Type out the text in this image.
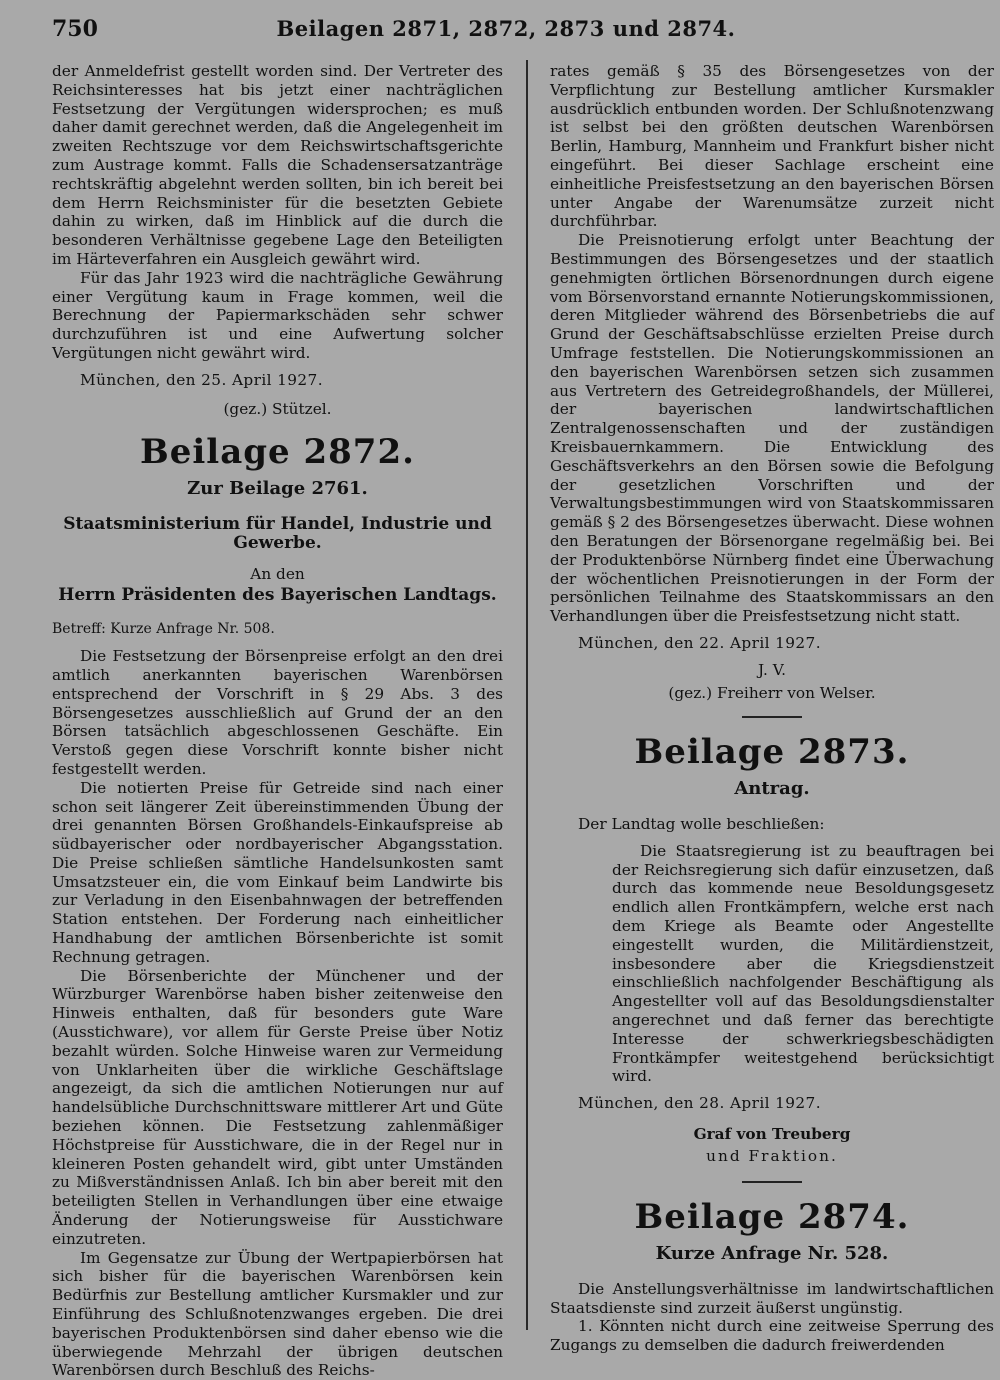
750	Beilagen 2871, 2872, 2873 und 2874.

der Anmeldefrist gestellt worden sind. Der Vertreter des Reichsinteresses hat bis jetzt einer nachträglichen Festsetzung der Vergütungen widersprochen; es muß daher damit gerechnet werden, daß die Angelegenheit im zweiten Rechtszuge vor dem Reichswirtschaftsgerichte zum Austrage kommt. Falls die Schadensersatzanträge rechtskräftig abgelehnt werden sollten, bin ich bereit bei dem Herrn Reichsminister für die besetzten Gebiete dahin zu wirken, daß im Hinblick auf die durch die besonderen Verhältnisse gegebene Lage den Beteiligten im Härteverfahren ein Ausgleich gewährt wird.

Für das Jahr 1923 wird die nachträgliche Gewährung einer Vergütung kaum in Frage kommen, weil die Berechnung der Papiermarkschäden sehr schwer durchzuführen ist und eine Aufwertung solcher Vergütungen nicht gewährt wird.

München, den 25. April 1927.

(gez.) Stützel.

Beilage 2872.
Zur Beilage 2761.
Staatsministerium für Handel, Industrie und Gewerbe.

An den

Herrn Präsidenten des Bayerischen Landtags.

Betreff: Kurze Anfrage Nr. 508.

Die Festsetzung der Börsenpreise erfolgt an den drei amtlich anerkannten bayerischen Warenbörsen entsprechend der Vorschrift in § 29 Abs. 3 des Börsengesetzes ausschließlich auf Grund der an den Börsen tatsächlich abgeschlossenen Geschäfte. Ein Verstoß gegen diese Vorschrift konnte bisher nicht festgestellt werden.

Die notierten Preise für Getreide sind nach einer schon seit längerer Zeit übereinstimmenden Übung der drei genannten Börsen Großhandels-Einkaufspreise ab südbayerischer oder nordbayerischer Abgangsstation. Die Preise schließen sämtliche Handelsunkosten samt Umsatzsteuer ein, die vom Einkauf beim Landwirte bis zur Verladung in den Eisenbahnwagen der betreffenden Station entstehen. Der Forderung nach einheitlicher Handhabung der amtlichen Börsenberichte ist somit Rechnung getragen.

Die Börsenberichte der Münchener und der Würzburger Warenbörse haben bisher zeitenweise den Hinweis enthalten, daß für besonders gute Ware (Ausstichware), vor allem für Gerste Preise über Notiz bezahlt würden. Solche Hinweise waren zur Vermeidung von Unklarheiten über die wirkliche Geschäftslage angezeigt, da sich die amtlichen Notierungen nur auf handelsübliche Durchschnittsware mittlerer Art und Güte beziehen können. Die Festsetzung zahlenmäßiger Höchstpreise für Ausstichware, die in der Regel nur in kleineren Posten gehandelt wird, gibt unter Umständen zu Mißverständnissen Anlaß. Ich bin aber bereit mit den beteiligten Stellen in Verhandlungen über eine etwaige Änderung der Notierungsweise für Ausstichware einzutreten.

Im Gegensatze zur Übung der Wertpapierbörsen hat sich bisher für die bayerischen Warenbörsen kein Bedürfnis zur Bestellung amtlicher Kursmakler und zur Einführung des Schlußnotenzwanges ergeben. Die drei bayerischen Produktenbörsen sind daher ebenso wie die überwiegende Mehrzahl der übrigen deutschen Warenbörsen durch Beschluß des Reichs-

rates gemäß § 35 des Börsengesetzes von der Verpflichtung zur Bestellung amtlicher Kursmakler ausdrücklich entbunden worden. Der Schlußnotenzwang ist selbst bei den größten deutschen Warenbörsen Berlin, Hamburg, Mannheim und Frankfurt bisher nicht eingeführt. Bei dieser Sachlage erscheint eine einheitliche Preisfestsetzung an den bayerischen Börsen unter Angabe der Warenumsätze zurzeit nicht durchführbar.

Die Preisnotierung erfolgt unter Beachtung der Bestimmungen des Börsengesetzes und der staatlich genehmigten örtlichen Börsenordnungen durch eigene vom Börsenvorstand ernannte Notierungskommissionen, deren Mitglieder während des Börsenbetriebs die auf Grund der Geschäftsabschlüsse erzielten Preise durch Umfrage feststellen. Die Notierungskommissionen an den bayerischen Warenbörsen setzen sich zusammen aus Vertretern des Getreidegroßhandels, der Müllerei, der bayerischen landwirtschaftlichen Zentralgenossenschaften und der zuständigen Kreisbauernkammern. Die Entwicklung des Geschäftsverkehrs an den Börsen sowie die Befolgung der gesetzlichen Vorschriften und der Verwaltungsbestimmungen wird von Staatskommissaren gemäß § 2 des Börsengesetzes überwacht. Diese wohnen den Beratungen der Börsenorgane regelmäßig bei. Bei der Produktenbörse Nürnberg findet eine Überwachung der wöchentlichen Preisnotierungen in der Form der persönlichen Teilnahme des Staatskommissars an den Verhandlungen über die Preisfestsetzung nicht statt.

München, den 22. April 1927.

J. V.

(gez.) Freiherr von Welser.

Beilage 2873.
Antrag.

Der Landtag wolle beschließen:

Die Staatsregierung ist zu beauftragen bei der Reichsregierung sich dafür einzusetzen, daß durch das kommende neue Besoldungsgesetz endlich allen Frontkämpfern, welche erst nach dem Kriege als Beamte oder Angestellte eingestellt wurden, die Militärdienstzeit, insbesondere aber die Kriegsdienstzeit einschließlich nachfolgender Beschäftigung als Angestellter voll auf das Besoldungsdienstalter angerechnet und daß ferner das berechtigte Interesse der schwerkriegsbeschädigten Frontkämpfer weitestgehend berücksichtigt wird.

München, den 28. April 1927.

Graf von Treuberg
und Fraktion.
Beilage 2874.
Kurze Anfrage Nr. 528.

Die Anstellungsverhältnisse im landwirtschaftlichen Staatsdienste sind zurzeit äußerst ungünstig.

1. Könnten nicht durch eine zeitweise Sperrung des Zugangs zu demselben die dadurch freiwerdenden
